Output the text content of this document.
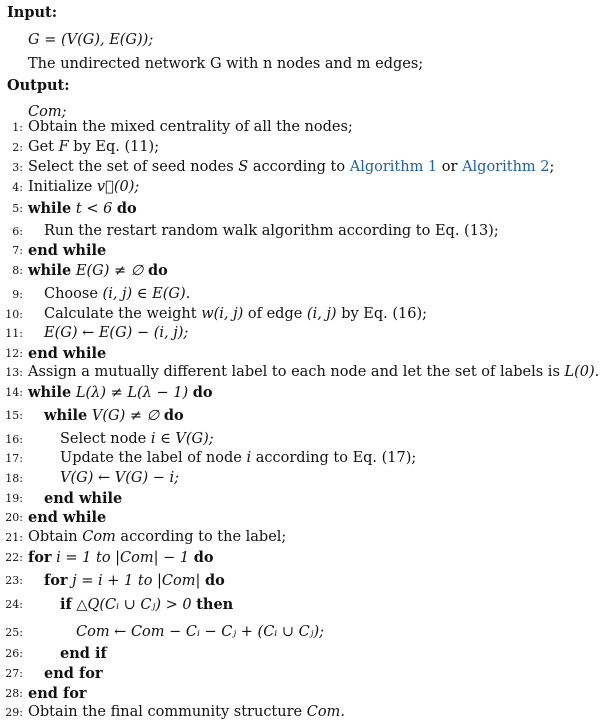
Input:
G = (V(G), E(G));
The undirected network G with n nodes and m edges;
Output:
Com;
1: Obtain the mixed centrality of all the nodes;
2: Get F by Eq. (11);
3: Select the set of seed nodes S according to Algorithm 1 or Algorithm 2;
4: Initialize v⃗(0);
5: while t < 6 do
6: Run the restart random walk algorithm according to Eq. (13);
7: end while
8: while E(G) ≠ ∅ do
9: Choose (i, j) ∈ E(G).
10: Calculate the weight w(i, j) of edge (i, j) by Eq. (16);
11: E(G) ← E(G) − (i, j);
12: end while
13: Assign a mutually different label to each node and let the set of labels is L(0).
14: while L(λ) ≠ L(λ − 1) do
15: while V(G) ≠ ∅ do
16:	Select node i ∈ V(G);
17:	Update the label of node i according to Eq. (17);
18:	V(G) ← V(G) − i;
19: end while
20: end while
21: Obtain Com according to the label;
22: for i = 1 to |Com| − 1 do
23: for j = i + 1 to |Com| do
24:	if △Q(Cᵢ ∪ Cⱼ) > 0 then
25:	Com ← Com − Cᵢ − Cⱼ + (Cᵢ ∪ Cⱼ);
26:	end if
27: end for
28: end for
29: Obtain the final community structure Com.
